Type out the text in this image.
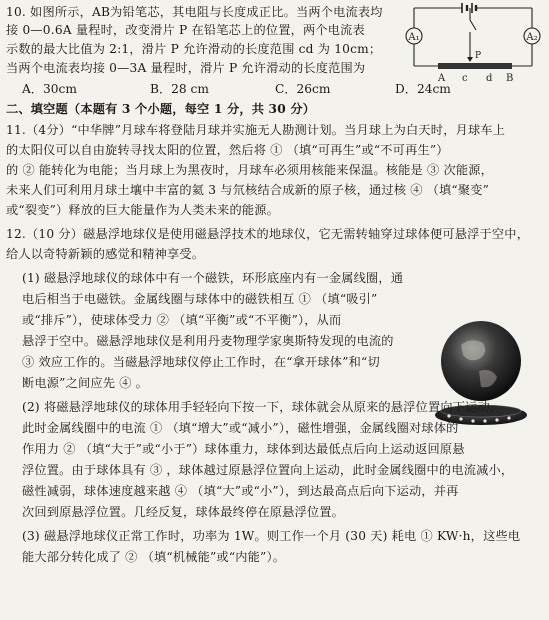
10. 如图所示，AB为铅笔芯，其电阻与长度成正比。当两个电流表均
接 0—0.6A 量程时，改变滑片 P 在铅笔芯上的位置，两个电流表
示数的最大比值为 2:1，滑片 P 允许滑动的长度范围 cd 为 10cm；
当两个电流表均接 0—3A 量程时，滑片 P 允许滑动的长度范围为
A．30cm	B．28 cm	C．26cm	D．24cm
A₁	A₂
P
A c d B
二、填空题（本题有 3 个小题，每空 1 分，共 30 分）
11.（4分）“中华牌”月球车将登陆月球并实施无人勘测计划。当月球上为白天时，月球车上
的太阳仪可以自由旋转寻找太阳的位置，然后将 ① （填“可再生”或“不可再生”）
的 ② 能转化为电能；当月球上为黑夜时，月球车必须用核能来保温。核能是 ③ 次能源，
未来人们可利用月球土壤中丰富的氦 3 与氘核结合成新的原子核，通过核 ④ （填“聚变”
或“裂变”）释放的巨大能量作为人类未来的能源。
12.（10 分）磁悬浮地球仪是使用磁悬浮技术的地球仪，它无需转轴穿过球体便可悬浮于空中，
给人以奇特新颖的感觉和精神享受。
(1) 磁悬浮地球仪的球体中有一个磁铁，环形底座内有一金属线圈，通
电后相当于电磁铁。金属线圈与球体中的磁铁相互 ① （填“吸引”
或“排斥”），使球体受力 ② （填“平衡”或“不平衡”），从而
悬浮于空中。磁悬浮地球仪是利用丹麦物理学家奥斯特发现的电流的
③ 效应工作的。当磁悬浮地球仪停止工作时，在“拿开球体”和“切
断电源”之间应先 ④ 。
(2) 将磁悬浮地球仪的球体用手轻轻向下按一下，球体就会从原来的悬浮位置向下运动，
此时金属线圈中的电流 ① （填“增大”或“减小”），磁性增强，金属线圈对球体的
作用力 ② （填“大于”或“小于”）球体重力，球体到达最低点后向上运动返回原悬
浮位置。由于球体具有 ③ ，球体越过原悬浮位置向上运动，此时金属线圈中的电流减小，
磁性减弱，球体速度越来越 ④ （填“大”或“小”），到达最高点后向下运动，并再
次回到原悬浮位置。几经反复，球体最终停在原悬浮位置。
(3) 磁悬浮地球仪正常工作时，功率为 1W。则工作一个月 (30 天) 耗电 ① KW·h，这些电
能大部分转化成了 ② （填“机械能”或“内能”）。
